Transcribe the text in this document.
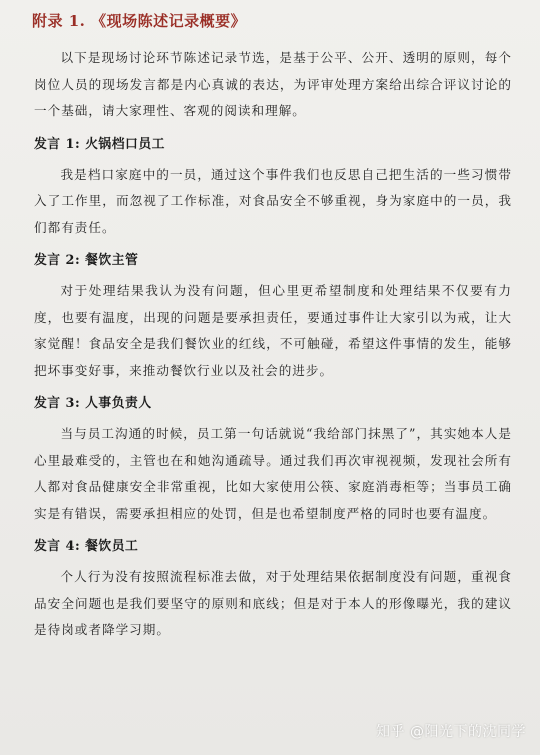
附录 1. 《现场陈述记录概要》

以下是现场讨论环节陈述记录节选，是基于公平、公开、透明的原则，每个岗位人员的现场发言都是内心真诚的表达，为评审处理方案给出综合评议讨论的一个基础，请大家理性、客观的阅读和理解。

发言 1: 火锅档口员工

我是档口家庭中的一员，通过这个事件我们也反思自己把生活的一些习惯带入了工作里，而忽视了工作标准，对食品安全不够重视，身为家庭中的一员，我们都有责任。

发言 2: 餐饮主管

对于处理结果我认为没有问题，但心里更希望制度和处理结果不仅要有力度，也要有温度，出现的问题是要承担责任，要通过事件让大家引以为戒，让大家觉醒！食品安全是我们餐饮业的红线，不可触碰，希望这件事情的发生，能够把坏事变好事，来推动餐饮行业以及社会的进步。

发言 3: 人事负责人

当与员工沟通的时候，员工第一句话就说“我给部门抹黑了”，其实她本人是心里最难受的，主管也在和她沟通疏导。通过我们再次审视视频，发现社会所有人都对食品健康安全非常重视，比如大家使用公筷、家庭消毒柜等；当事员工确实是有错误，需要承担相应的处罚，但是也希望制度严格的同时也要有温度。

发言 4: 餐饮员工

个人行为没有按照流程标准去做，对于处理结果依据制度没有问题，重视食品安全问题也是我们要坚守的原则和底线；但是对于本人的形像曝光，我的建议是待岗或者降学习期。

知乎 @阳光下的沈同学
